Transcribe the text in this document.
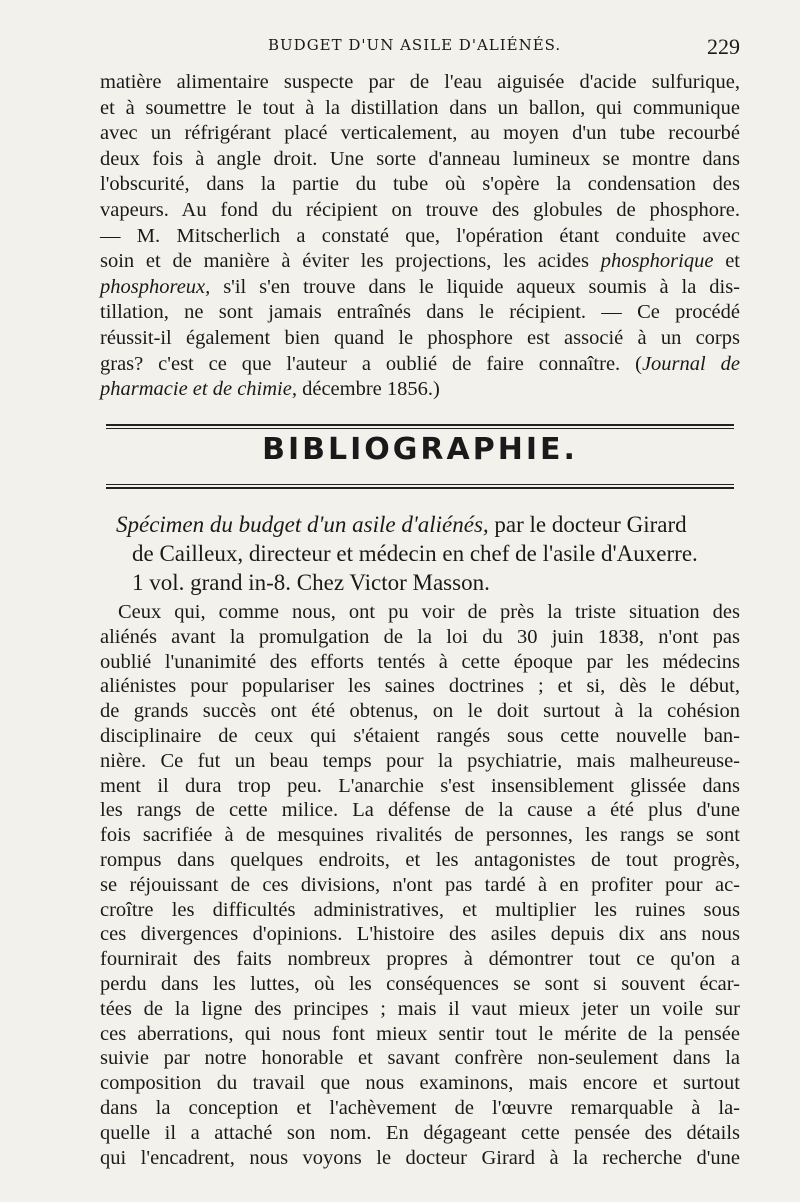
BUDGET D'UN ASILE D'ALIÉNÉS.	229
matière alimentaire suspecte par de l'eau aiguisée d'acide sulfurique,
et à soumettre le tout à la distillation dans un ballon, qui communique
avec un réfrigérant placé verticalement, au moyen d'un tube recourbé
deux fois à angle droit. Une sorte d'anneau lumineux se montre dans
l'obscurité, dans la partie du tube où s'opère la condensation des
vapeurs. Au fond du récipient on trouve des globules de phosphore.
— M. Mitscherlich a constaté que, l'opération étant conduite avec
soin et de manière à éviter les projections, les acides phosphorique et
phosphoreux, s'il s'en trouve dans le liquide aqueux soumis à la dis-
tillation, ne sont jamais entraînés dans le récipient. — Ce procédé
réussit-il également bien quand le phosphore est associé à un corps
gras? c'est ce que l'auteur a oublié de faire connaître. (Journal de
pharmacie et de chimie, décembre 1856.)
BIBLIOGRAPHIE.
Spécimen du budget d'un asile d'aliénés, par le docteur Girard
de Cailleux, directeur et médecin en chef de l'asile d'Auxerre.
1 vol. grand in-8. Chez Victor Masson.
Ceux qui, comme nous, ont pu voir de près la triste situation des
aliénés avant la promulgation de la loi du 30 juin 1838, n'ont pas
oublié l'unanimité des efforts tentés à cette époque par les médecins
aliénistes pour populariser les saines doctrines ; et si, dès le début,
de grands succès ont été obtenus, on le doit surtout à la cohésion
disciplinaire de ceux qui s'étaient rangés sous cette nouvelle ban-
nière. Ce fut un beau temps pour la psychiatrie, mais malheureuse-
ment il dura trop peu. L'anarchie s'est insensiblement glissée dans
les rangs de cette milice. La défense de la cause a été plus d'une
fois sacrifiée à de mesquines rivalités de personnes, les rangs se sont
rompus dans quelques endroits, et les antagonistes de tout progrès,
se réjouissant de ces divisions, n'ont pas tardé à en profiter pour ac-
croître les difficultés administratives, et multiplier les ruines sous
ces divergences d'opinions. L'histoire des asiles depuis dix ans nous
fournirait des faits nombreux propres à démontrer tout ce qu'on a
perdu dans les luttes, où les conséquences se sont si souvent écar-
tées de la ligne des principes ; mais il vaut mieux jeter un voile sur
ces aberrations, qui nous font mieux sentir tout le mérite de la pensée
suivie par notre honorable et savant confrère non-seulement dans la
composition du travail que nous examinons, mais encore et surtout
dans la conception et l'achèvement de l'œuvre remarquable à la-
quelle il a attaché son nom. En dégageant cette pensée des détails
qui l'encadrent, nous voyons le docteur Girard à la recherche d'une
